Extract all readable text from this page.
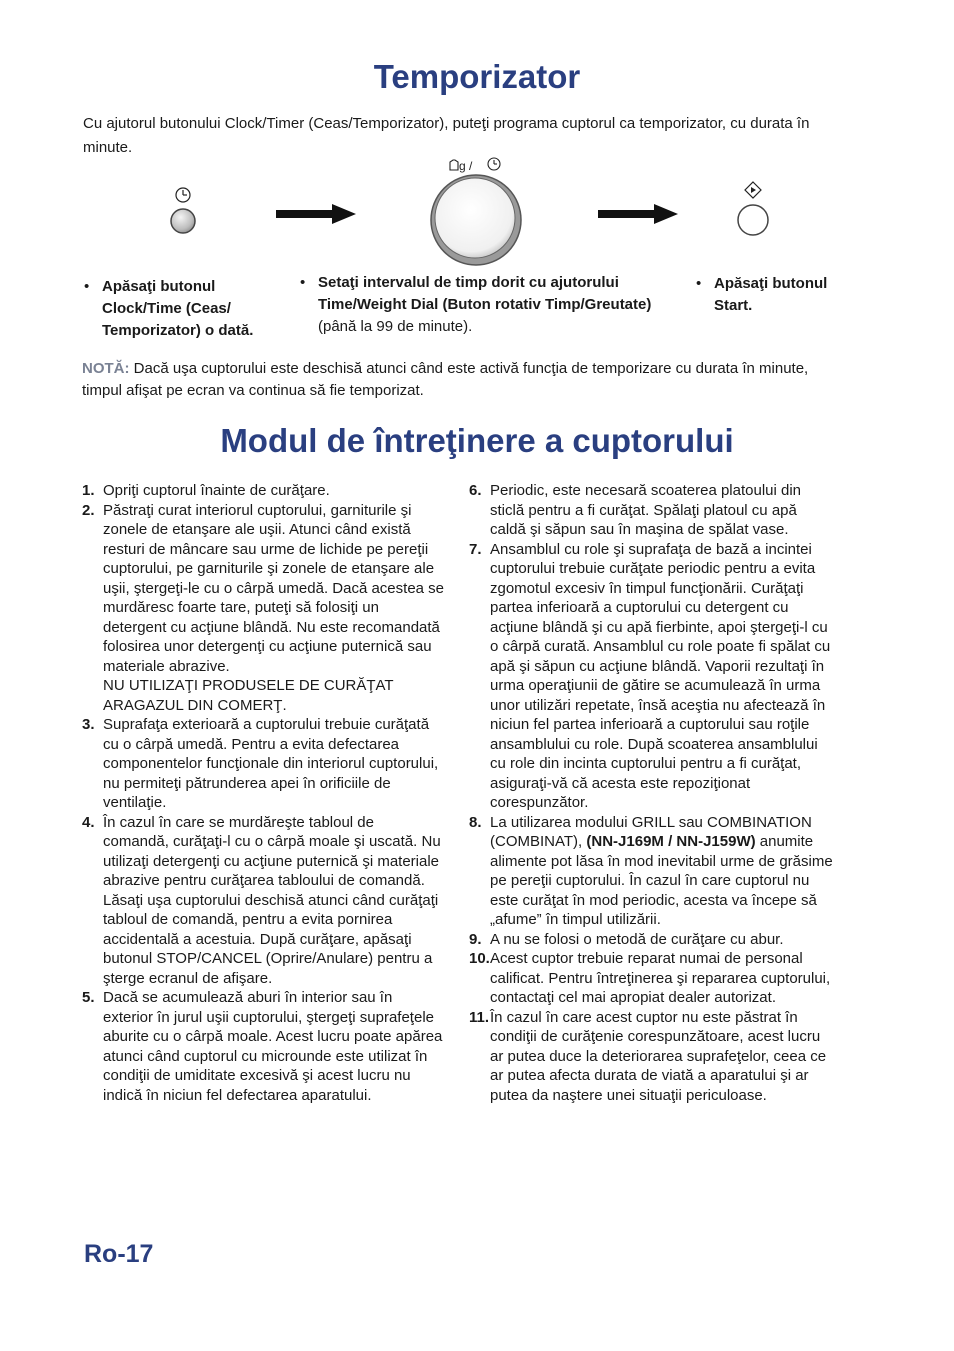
Temporizator
Cu ajutorul butonului Clock/Timer (Ceas/Temporizator), puteţi programa cuptorul ca temporizator, cu durata în minute.
g /
• Apăsaţi butonul Clock/Time (Ceas/ Temporizator) o dată.
• Setaţi intervalul de timp dorit cu ajutorului Time/Weight Dial (Buton rotativ Timp/Greutate) (până la 99 de minute).
• Apăsaţi butonul Start.
NOTĂ: Dacă uşa cuptorului este deschisă atunci când este activă funcţia de temporizare cu durata în minute, timpul afişat pe ecran va continua să fie temporizat.
Modul de întreţinere a cuptorului
1. Opriţi cuptorul înainte de curăţare.
2. Păstraţi curat interiorul cuptorului, garniturile şi zonele de etanşare ale uşii. Atunci când există resturi de mâncare sau urme de lichide pe pereţii cuptorului, pe garniturile şi zonele de etanşare ale uşii, ştergeţi-le cu o cârpă umedă. Dacă acestea se murdăresc foarte tare, puteţi să folosiţi un detergent cu acţiune blândă. Nu este recomandată folosirea unor detergenţi cu acţiune puternică sau materiale abrazive.
NU UTILIZAŢI PRODUSELE DE CURĂŢAT ARAGAZUL DIN COMERŢ.
3. Suprafaţa exterioară a cuptorului trebuie curăţată cu o cârpă umedă. Pentru a evita defectarea componentelor funcţionale din interiorul cuptorului, nu permiteţi pătrunderea apei în orificiile de ventilaţie.
4. În cazul în care se murdăreşte tabloul de comandă, curăţaţi-l cu o cârpă moale şi uscată. Nu utilizaţi detergenţi cu acţiune puternică şi materiale abrazive pentru curăţarea tabloului de comandă. Lăsaţi uşa cuptorului deschisă atunci când curăţaţi tabloul de comandă, pentru a evita pornirea accidentală a acestuia. După curăţare, apăsaţi butonul STOP/CANCEL (Oprire/Anulare) pentru a şterge ecranul de afişare.
5. Dacă se acumulează aburi în interior sau în exterior în jurul uşii cuptorului, ştergeţi suprafeţele aburite cu o cârpă moale. Acest lucru poate apărea atunci când cuptorul cu microunde este utilizat în condiţii de umiditate excesivă şi acest lucru nu indică în niciun fel defectarea aparatului.
6. Periodic, este necesară scoaterea platoului din sticlă pentru a fi curăţat. Spălaţi platoul cu apă caldă şi săpun sau în maşina de spălat vase.
7. Ansamblul cu role şi suprafaţa de bază a incintei cuptorului trebuie curăţate periodic pentru a evita zgomotul excesiv în timpul funcţionării. Curăţaţi partea inferioară a cuptorului cu detergent cu acţiune blândă şi cu apă fierbinte, apoi ştergeţi-l cu o cârpă curată. Ansamblul cu role poate fi spălat cu apă şi săpun cu acţiune blândă. Vaporii rezultaţi în urma operaţiunii de gătire se acumulează în urma unor utilizări repetate, însă aceştia nu afectează în niciun fel partea inferioară a cuptorului sau roţile ansamblului cu role. După scoaterea ansamblului cu role din incinta cuptorului pentru a fi curăţat, asiguraţi-vă că acesta este repoziţionat corespunzător.
8. La utilizarea modului GRILL sau COMBINATION (COMBINAT), (NN-J169M / NN-J159W) anumite alimente pot lăsa în mod inevitabil urme de grăsime pe pereţii cuptorului. În cazul în care cuptorul nu este curăţat în mod periodic, acesta va începe să „afume” în timpul utilizării.
9. A nu se folosi o metodă de curăţare cu abur.
10. Acest cuptor trebuie reparat numai de personal calificat. Pentru întreţinerea şi repararea cuptorului, contactaţi cel mai apropiat dealer autorizat.
11. În cazul în care acest cuptor nu este păstrat în condiţii de curăţenie corespunzătoare, acest lucru ar putea duce la deteriorarea suprafeţelor, ceea ce ar putea afecta durata de viată a aparatului şi ar putea da naştere unei situaţii periculoase.
Ro-17
